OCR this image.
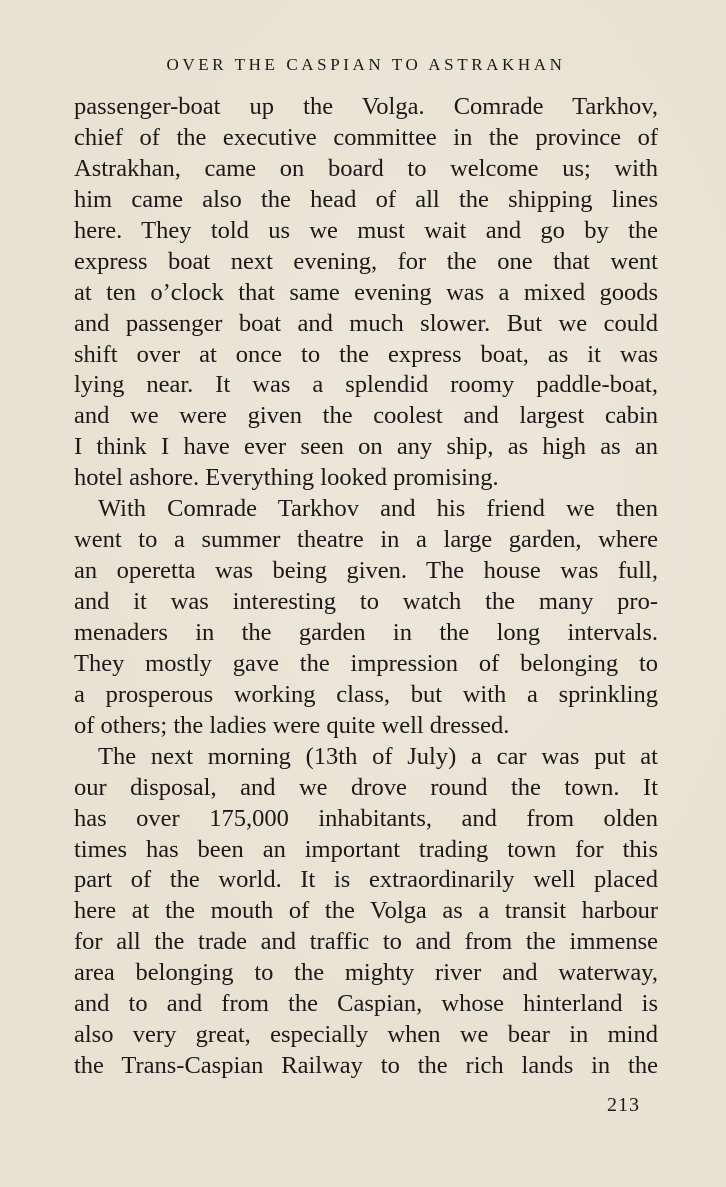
OVER THE CASPIAN TO ASTRAKHAN
passenger-boat up the Volga. Comrade Tarkhov,
chief of the executive committee in the province of
Astrakhan, came on board to welcome us; with
him came also the head of all the shipping lines
here. They told us we must wait and go by the
express boat next evening, for the one that went
at ten o’clock that same evening was a mixed goods
and passenger boat and much slower. But we could
shift over at once to the express boat, as it was
lying near. It was a splendid roomy paddle-boat,
and we were given the coolest and largest cabin
I think I have ever seen on any ship, as high as an
hotel ashore. Everything looked promising.
With Comrade Tarkhov and his friend we then
went to a summer theatre in a large garden, where
an operetta was being given. The house was full,
and it was interesting to watch the many pro-
menaders in the garden in the long intervals.
They mostly gave the impression of belonging to
a prosperous working class, but with a sprinkling
of others; the ladies were quite well dressed.
The next morning (13th of July) a car was put at
our disposal, and we drove round the town. It
has over 175,000 inhabitants, and from olden
times has been an important trading town for this
part of the world. It is extraordinarily well placed
here at the mouth of the Volga as a transit harbour
for all the trade and traffic to and from the immense
area belonging to the mighty river and waterway,
and to and from the Caspian, whose hinterland is
also very great, especially when we bear in mind
the Trans-Caspian Railway to the rich lands in the
213
